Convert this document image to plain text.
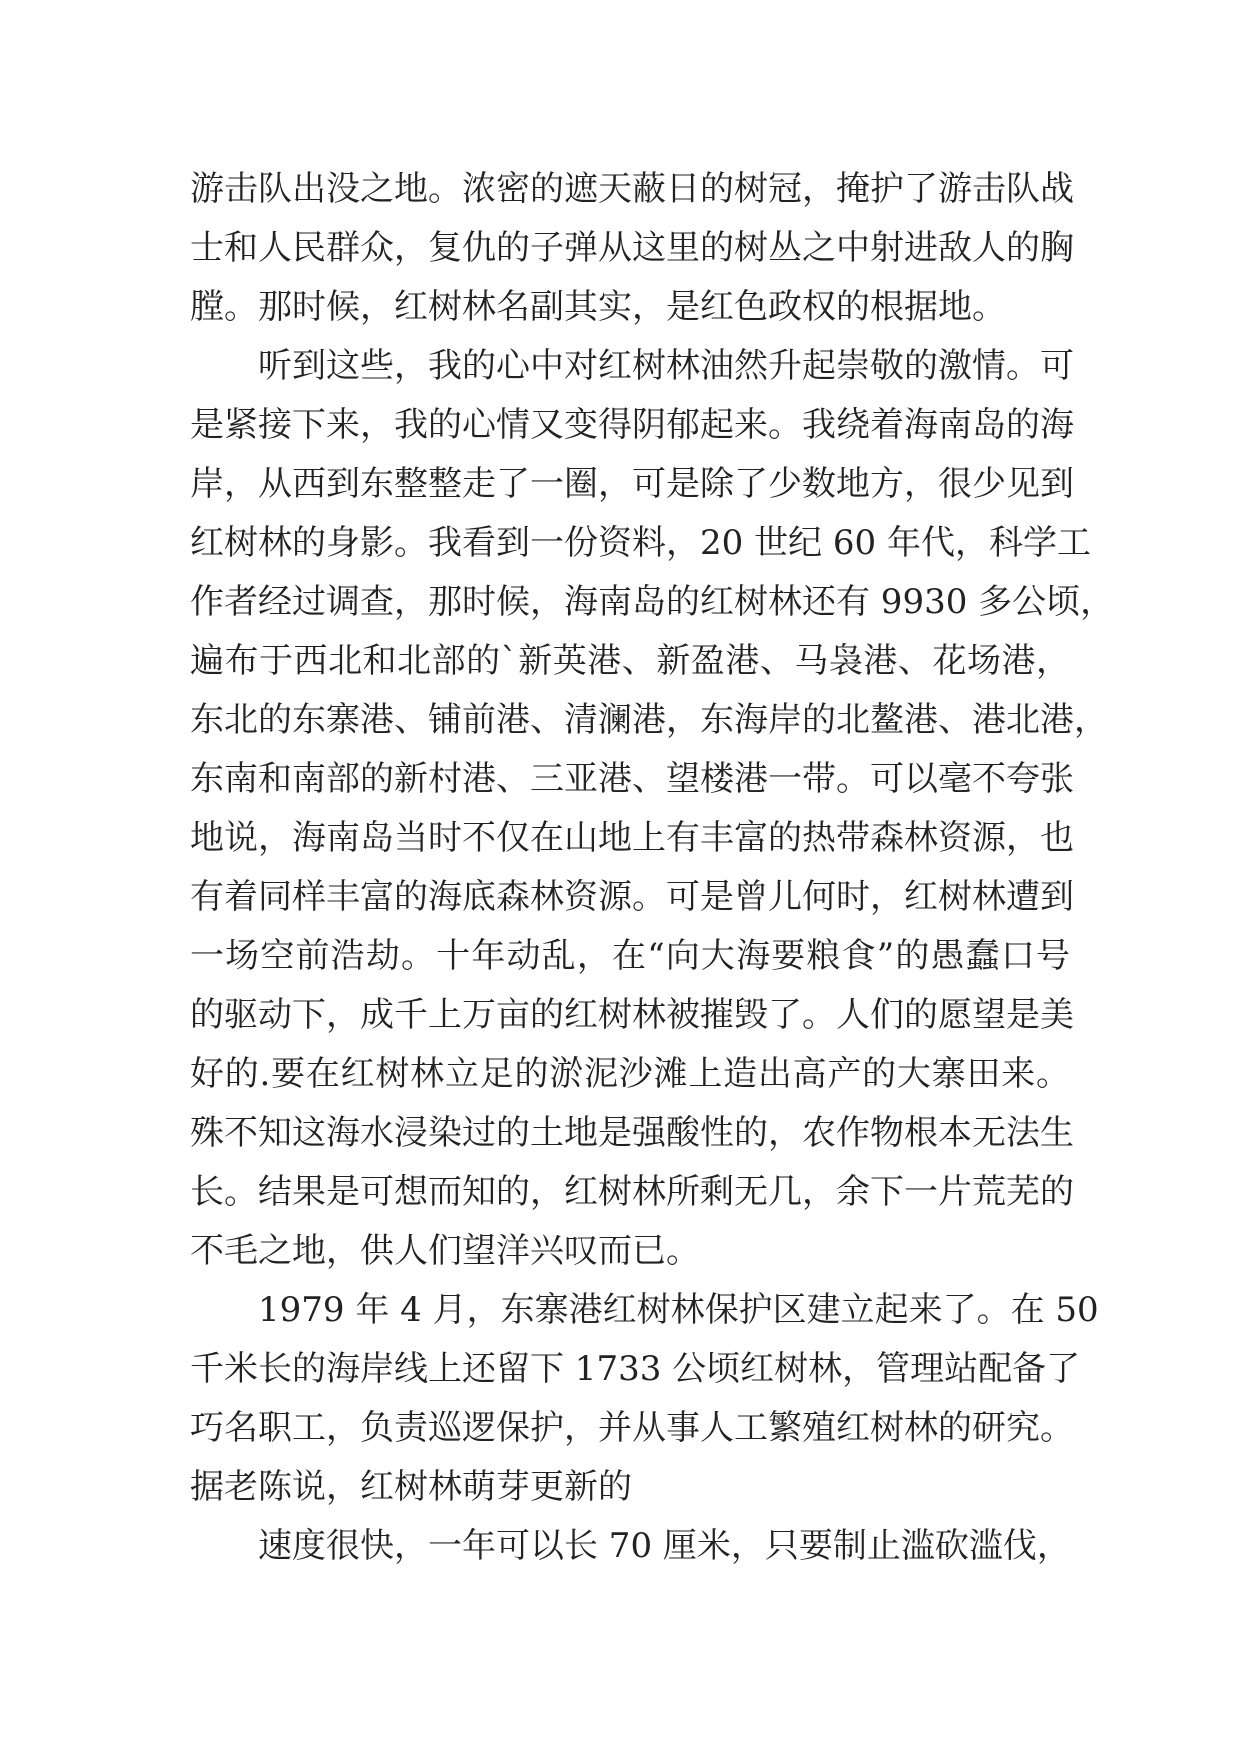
游击队出没之地。浓密的遮天蔽日的树冠，掩护了游击队战
士和人民群众，复仇的子弹从这里的树丛之中射进敌人的胸
膛。那时候，红树林名副其实，是红色政权的根据地。
听到这些，我的心中对红树林油然升起崇敬的激情。可
是紧接下来，我的心情又变得阴郁起来。我绕着海南岛的海
岸，从西到东整整走了一圈，可是除了少数地方，很少见到
红树林的身影。我看到一份资料，20 世纪 60 年代，科学工
作者经过调查，那时候，海南岛的红树林还有 9930 多公顷，
遍布于西北和北部的`新英港、新盈港、马袅港、花场港，
东北的东寨港、铺前港、清澜港，东海岸的北鳌港、港北港，
东南和南部的新村港、三亚港、望楼港一带。可以毫不夸张
地说，海南岛当时不仅在山地上有丰富的热带森林资源，也
有着同样丰富的海底森林资源。可是曾儿何时，红树林遭到
一场空前浩劫。十年动乱，在“向大海要粮食”的愚蠢口号
的驱动下，成千上万亩的红树林被摧毁了。人们的愿望是美
好的.要在红树林立足的淤泥沙滩上造出高产的大寨田来。
殊不知这海水浸染过的土地是强酸性的，农作物根本无法生
长。结果是可想而知的，红树林所剩无几，余下一片荒芜的
不毛之地，供人们望洋兴叹而已。
1979 年 4 月，东寨港红树林保护区建立起来了。在 50
千米长的海岸线上还留下 1733 公顷红树林，管理站配备了
巧名职工，负责巡逻保护，并从事人工繁殖红树林的研究。
据老陈说，红树林萌芽更新的
速度很快，一年可以长 70 厘米，只要制止滥砍滥伐，
